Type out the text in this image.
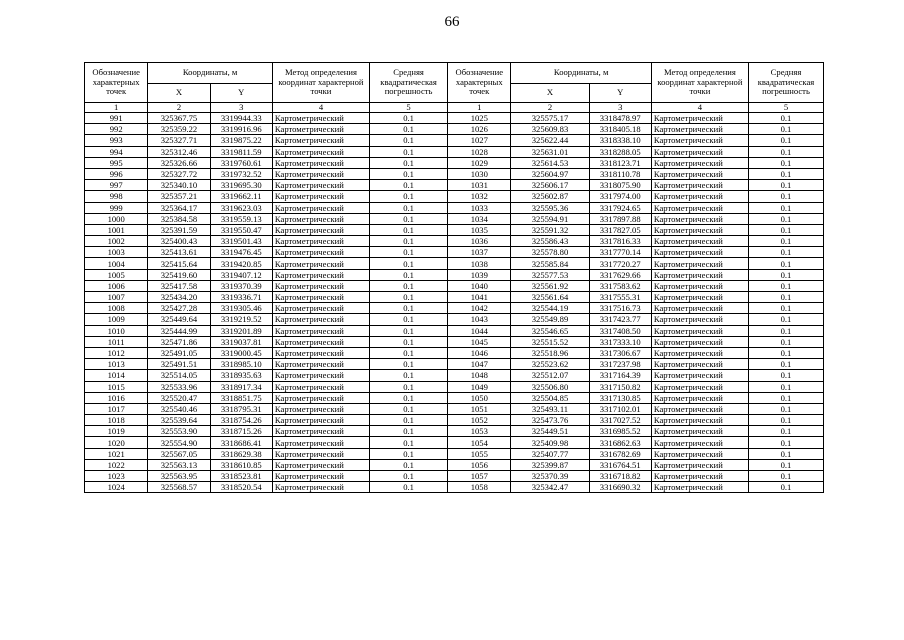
66
Обозначение характерных точек	Координаты, м		Метод определения координат характерной точки	Средняя квадратическая погрешность	Обозначение характерных точек	Координаты, м		Метод определения координат характерной точки	Средняя квадратическая погрешность
	X	Y				X	Y		
1	2	3	4	5	1	2	3	4	5
991	325367.75	3319944.33	Картометрический	0.1	1025	325575.17	3318478.97	Картометрический	0.1
992	325359.22	3319916.96	Картометрический	0.1	1026	325609.83	3318405.18	Картометрический	0.1
993	325327.71	3319875.22	Картометрический	0.1	1027	325622.44	3318338.10	Картометрический	0.1
994	325312.46	3319811.59	Картометрический	0.1	1028	325631.01	3318288.05	Картометрический	0.1
995	325326.66	3319760.61	Картометрический	0.1	1029	325614.53	3318123.71	Картометрический	0.1
996	325327.72	3319732.52	Картометрический	0.1	1030	325604.97	3318110.78	Картометрический	0.1
997	325340.10	3319695.30	Картометрический	0.1	1031	325606.17	3318075.90	Картометрический	0.1
998	325357.21	3319662.11	Картометрический	0.1	1032	325602.87	3317974.00	Картометрический	0.1
999	325364.17	3319623.03	Картометрический	0.1	1033	325595.36	3317924.65	Картометрический	0.1
1000	325384.58	3319559.13	Картометрический	0.1	1034	325594.91	3317897.88	Картометрический	0.1
1001	325391.59	3319550.47	Картометрический	0.1	1035	325591.32	3317827.05	Картометрический	0.1
1002	325400.43	3319501.43	Картометрический	0.1	1036	325586.43	3317816.33	Картометрический	0.1
1003	325413.61	3319476.45	Картометрический	0.1	1037	325578.80	3317770.14	Картометрический	0.1
1004	325415.64	3319420.85	Картометрический	0.1	1038	325585.84	3317720.27	Картометрический	0.1
1005	325419.60	3319407.12	Картометрический	0.1	1039	325577.53	3317629.66	Картометрический	0.1
1006	325417.58	3319370.39	Картометрический	0.1	1040	325561.92	3317583.62	Картометрический	0.1
1007	325434.20	3319336.71	Картометрический	0.1	1041	325561.64	3317555.31	Картометрический	0.1
1008	325427.28	3319305.46	Картометрический	0.1	1042	325544.19	3317516.73	Картометрический	0.1
1009	325449.64	3319219.52	Картометрический	0.1	1043	325549.89	3317423.77	Картометрический	0.1
1010	325444.99	3319201.89	Картометрический	0.1	1044	325546.65	3317408.50	Картометрический	0.1
1011	325471.86	3319037.81	Картометрический	0.1	1045	325515.52	3317333.10	Картометрический	0.1
1012	325491.05	3319000.45	Картометрический	0.1	1046	325518.96	3317306.67	Картометрический	0.1
1013	325491.51	3318985.10	Картометрический	0.1	1047	325523.62	3317237.98	Картометрический	0.1
1014	325514.05	3318935.63	Картометрический	0.1	1048	325512.07	3317164.39	Картометрический	0.1
1015	325533.96	3318917.34	Картометрический	0.1	1049	325506.80	3317150.82	Картометрический	0.1
1016	325520.47	3318851.75	Картометрический	0.1	1050	325504.85	3317130.85	Картометрический	0.1
1017	325540.46	3318795.31	Картометрический	0.1	1051	325493.11	3317102.01	Картометрический	0.1
1018	325539.64	3318754.26	Картометрический	0.1	1052	325473.76	3317027.52	Картометрический	0.1
1019	325553.90	3318715.26	Картометрический	0.1	1053	325449.51	3316985.52	Картометрический	0.1
1020	325554.90	3318686.41	Картометрический	0.1	1054	325409.98	3316862.63	Картометрический	0.1
1021	325567.05	3318629.38	Картометрический	0.1	1055	325407.77	3316782.69	Картометрический	0.1
1022	325563.13	3318610.85	Картометрический	0.1	1056	325399.87	3316764.51	Картометрический	0.1
1023	325563.95	3318523.81	Картометрический	0.1	1057	325370.39	3316718.82	Картометрический	0.1
1024	325568.57	3318520.54	Картометрический	0.1	1058	325342.47	3316690.32	Картометрический	0.1
